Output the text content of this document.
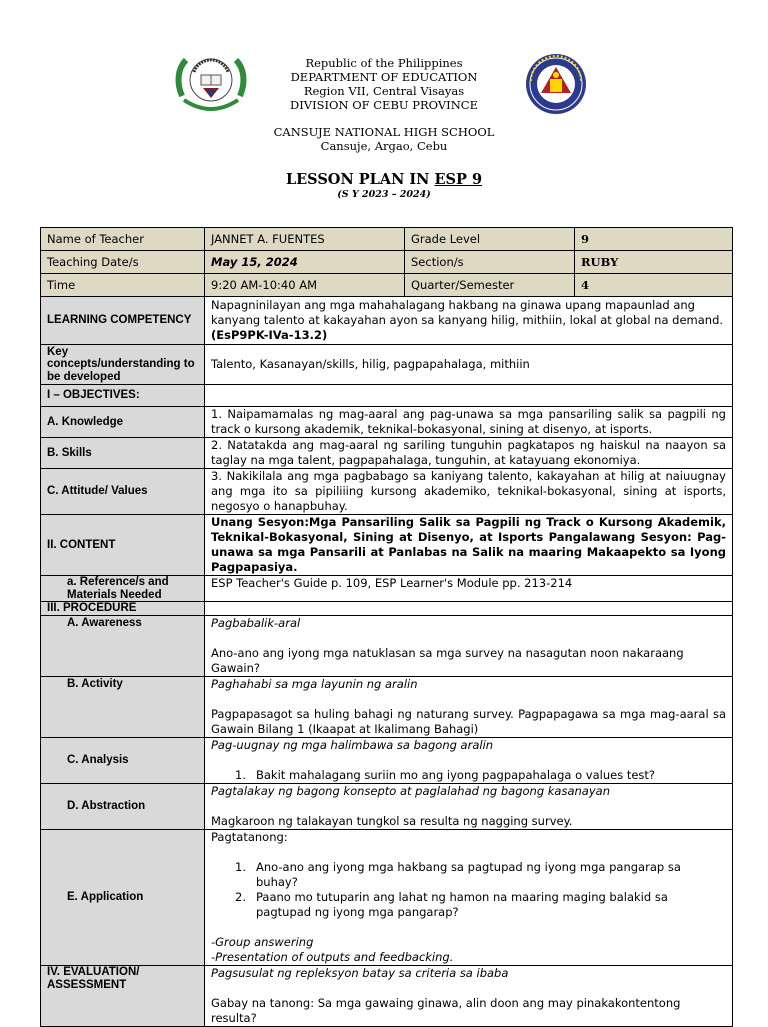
Republic of the Philippines
DEPARTMENT OF EDUCATION
Region VII, Central Visayas
DIVISION OF CEBU PROVINCE
CANSUJE NATIONAL HIGH SCHOOL
Cansuje, Argao, Cebu
LESSON PLAN IN ESP 9
(S Y 2023 – 2024)
Name of Teacher	JANNET A. FUENTES	Grade Level	9
Teaching Date/s	May 15, 2024	Section/s	RUBY
Time	9:20 AM-10:40 AM	Quarter/Semester	4
LEARNING COMPETENCY	Napagninilayan ang mga mahahalagang hakbang na ginawa upang mapaunlad ang kanyang talento at kakayahan ayon sa kanyang hilig, mithiin, lokal at global na demand.
(EsP9PK-IVa-13.2)

Key concepts/understanding to be developed	Talento, Kasanayan/skills, hilig, pagpapahalaga, mithiin
I – OBJECTIVES:	
A. Knowledge	1. Naipamamalas ng mag-aaral ang pag-unawa sa mga pansariling salik sa pagpili ng track o kursong akademik, teknikal-bokasyonal, sining at disenyo, at isports.
B. Skills	2. Natatakda ang mag-aaral ng sariling tunguhin pagkatapos ng haiskul na naayon sa taglay na mga talent, pagpapahalaga, tunguhin, at katayuang ekonomiya.
C. Attitude/ Values	3. Nakikilala ang mga pagbabago sa kaniyang talento, kakayahan at hilig at naiuugnay ang mga ito sa pipiliiing kursong akademiko, teknikal-bokasyonal, sining at isports, negosyo o hanapbuhay.
II. CONTENT	Unang Sesyon:Mga Pansariling Salik sa Pagpili ng Track o Kursong Akademik, Teknikal-Bokasyonal, Sining at Disenyo, at Isports Pangalawang Sesyon: Pag-unawa sa mga Pansarili at Panlabas na Salik na maaring Makaapekto sa Iyong Pagpapasiya.
a. Reference/s and Materials Needed	ESP Teacher's Guide p. 109, ESP Learner's Module pp. 213-214
III. PROCEDURE	
A. Awareness	Pagbabalik-aral
Ano-ano ang iyong mga natuklasan sa mga survey na nasagutan noon nakaraang Gawain?

B. Activity	Paghahabi sa mga layunin ng aralin
Pagpapasagot sa huling bahagi ng naturang survey. Pagpapagawa sa mga mag-aaral sa Gawain Bilang 1 (Ikaapat at Ikalimang Bahagi)

C. Analysis	Pag-uugnay ng mga halimbawa sa bagong aralin
1. Bakit mahalagang suriin mo ang iyong pagpapahalaga o values test?

D. Abstraction	Pagtalakay ng bagong konsepto at paglalahad ng bagong kasanayan
Magkaroon ng talakayan tungkol sa resulta ng nagging survey.

E. Application	Pagtatanong:
1. Ano-ano ang iyong mga hakbang sa pagtupad ng iyong mga pangarap sa buhay?
2. Paano mo tutuparin ang lahat ng hamon na maaring maging balakid sa pagtupad ng iyong mga pangarap?
-Group answering
-Presentation of outputs and feedbacking.

IV. EVALUATION/ ASSESSMENT	Pagsusulat ng repleksyon batay sa criteria sa ibaba
Gabay na tanong: Sa mga gawaing ginawa, alin doon ang may pinakakontentong resulta?
